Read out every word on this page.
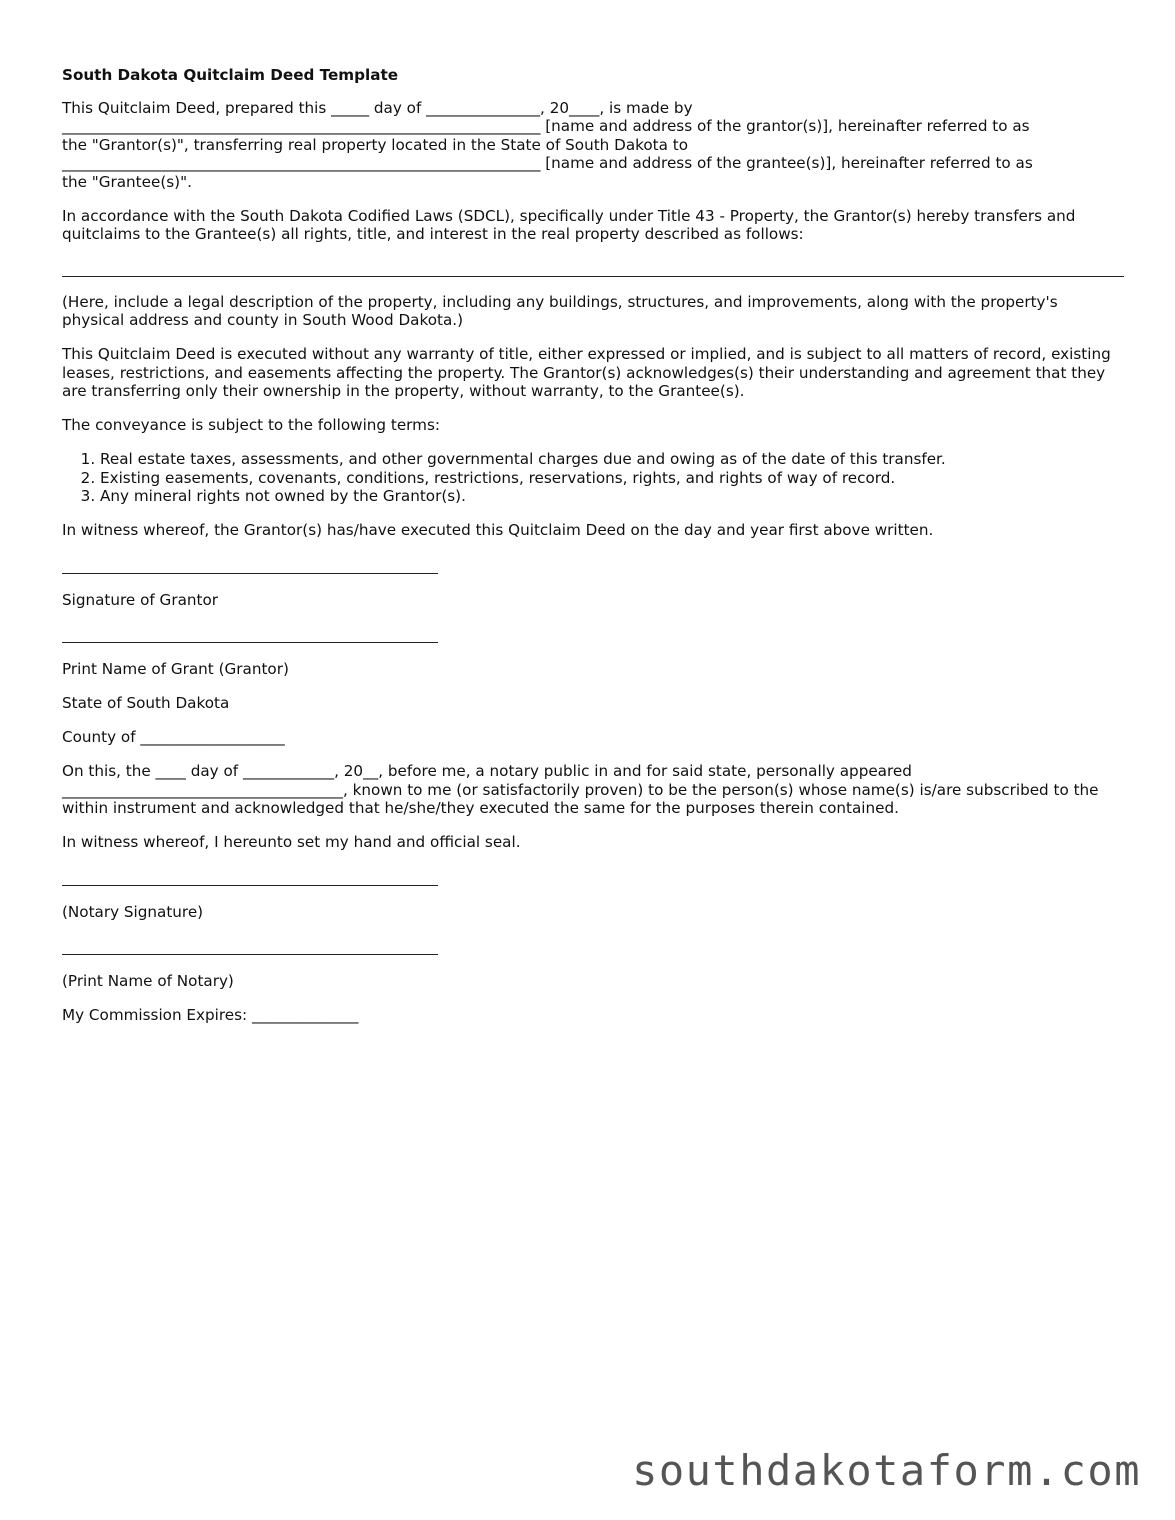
South Dakota Quitclaim Deed Template

This Quitclaim Deed, prepared this _____ day of _______________, 20____, is made by
_______________________________________________________________ [name and address of the grantor(s)], hereinafter referred to as
the "Grantor(s)", transferring real property located in the State of South Dakota to
_______________________________________________________________ [name and address of the grantee(s)], hereinafter referred to as
the "Grantee(s)".

In accordance with the South Dakota Codified Laws (SDCL), specifically under Title 43 - Property, the Grantor(s) hereby transfers and quitclaims to the Grantee(s) all rights, title, and interest in the real property described as follows:

(Here, include a legal description of the property, including any buildings, structures, and improvements, along with the property's physical address and county in South Wood Dakota.)

This Quitclaim Deed is executed without any warranty of title, either expressed or implied, and is subject to all matters of record, existing leases, restrictions, and easements affecting the property. The Grantor(s) acknowledges(s) their understanding and agreement that they are transferring only their ownership in the property, without warranty, to the Grantee(s).

The conveyance is subject to the following terms:

1. Real estate taxes, assessments, and other governmental charges due and owing as of the date of this transfer.
2. Existing easements, covenants, conditions, restrictions, reservations, rights, and rights of way of record.
3. Any mineral rights not owned by the Grantor(s).

In witness whereof, the Grantor(s) has/have executed this Quitclaim Deed on the day and year first above written.

Signature of Grantor

Print Name of Grant (Grantor)

State of South Dakota

County of ___________________

On this, the ____ day of ____________, 20__, before me, a notary public in and for said state, personally appeared
_____________________________________, known to me (or satisfactorily proven) to be the person(s) whose name(s) is/are subscribed to the within instrument and acknowledged that he/she/they executed the same for the purposes therein contained.

In witness whereof, I hereunto set my hand and official seal.

(Notary Signature)

(Print Name of Notary)

My Commission Expires: ______________

southdakotaform.com
